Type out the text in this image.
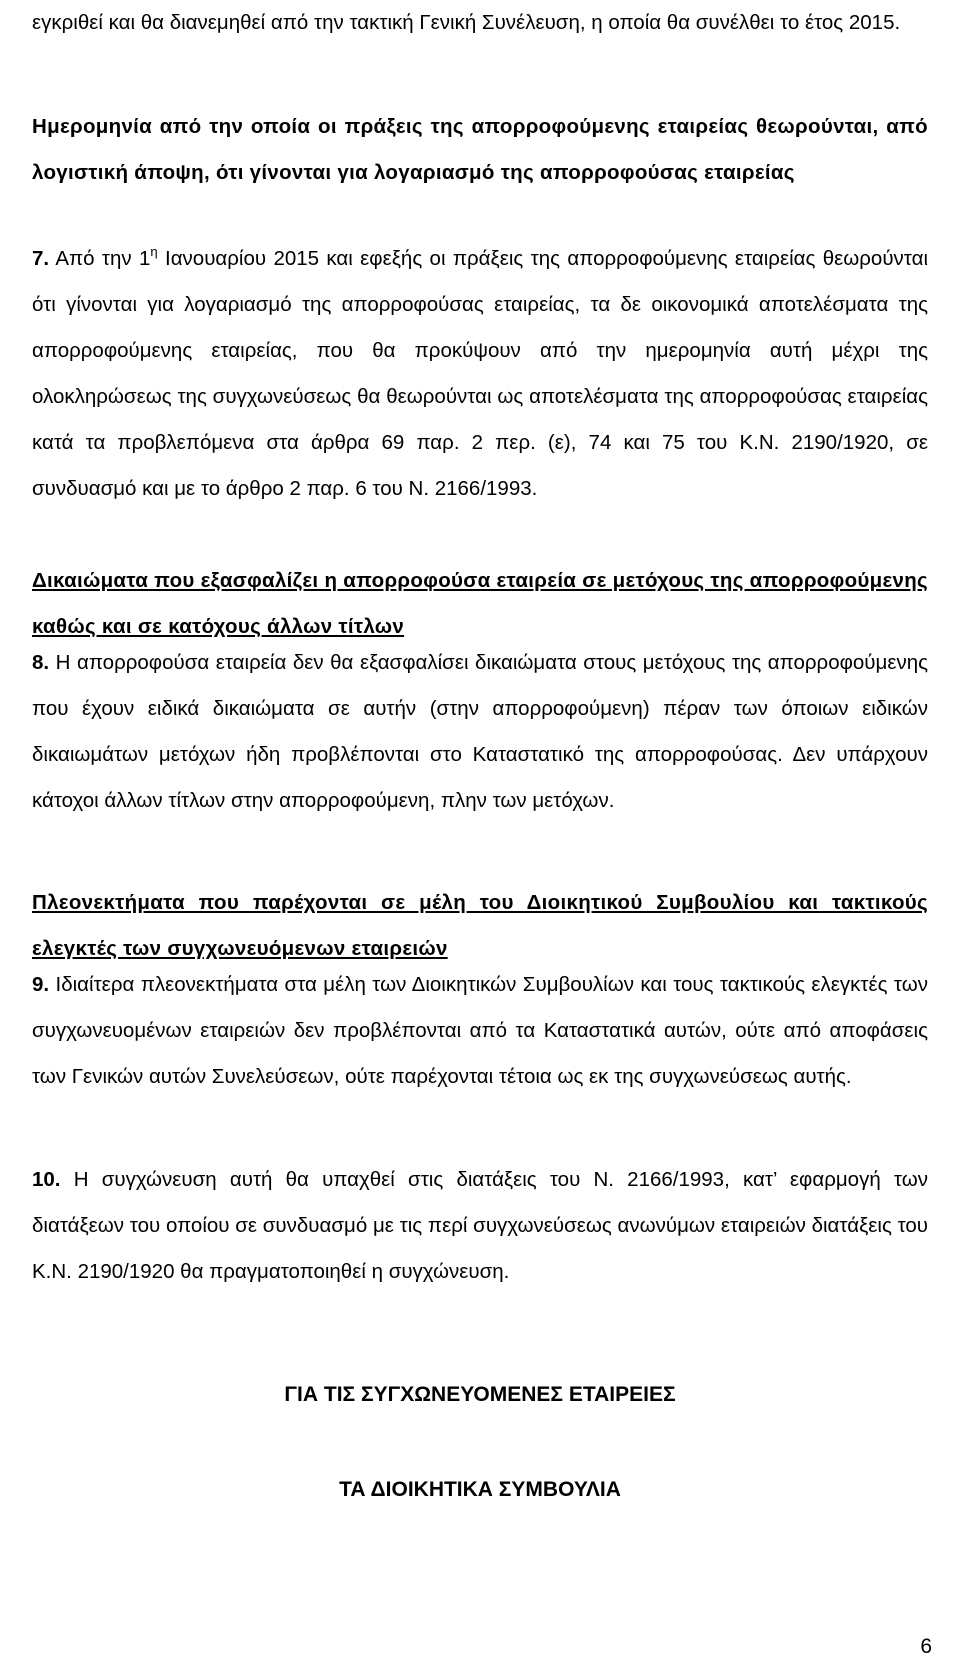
εγκριθεί και θα διανεμηθεί από την τακτική Γενική Συνέλευση, η οποία θα συνέλθει το έτος 2015.

Ημερομηνία από την οποία οι πράξεις της απορροφούμενης εταιρείας θεωρούνται, από λογιστική άποψη, ότι γίνονται για λογαριασμό της απορροφούσας εταιρείας

7. Από την $1^\eta$ Ιανουαρίου 2015 και εφεξής οι πράξεις της απορροφούμενης εταιρείας θεωρούνται ότι γίνονται για λογαριασμό της απορροφούσας εταιρείας, τα δε οικονομικά αποτελέσματα της απορροφούμενης εταιρείας, που θα προκύψουν από την ημερομηνία αυτή μέχρι της ολοκληρώσεως της συγχωνεύσεως θα θεωρούνται ως αποτελέσματα της απορροφούσας εταιρείας κατά τα προβλεπόμενα στα άρθρα 69 παρ. 2 περ. (ε), 74 και 75 του Κ.Ν. 2190/1920, σε συνδυασμό και με το άρθρο 2 παρ. 6 του Ν. 2166/1993.

Δικαιώματα που εξασφαλίζει η απορροφούσα εταιρεία σε μετόχους της απορροφούμενης καθώς και σε κατόχους άλλων τίτλων

8. Η απορροφούσα εταιρεία δεν θα εξασφαλίσει δικαιώματα στους μετόχους της απορροφούμενης που έχουν ειδικά δικαιώματα σε αυτήν (στην απορροφούμενη) πέραν των όποιων ειδικών δικαιωμάτων μετόχων ήδη προβλέπονται στο Καταστατικό της απορροφούσας. Δεν υπάρχουν κάτοχοι άλλων τίτλων στην απορροφούμενη, πλην των μετόχων.

Πλεονεκτήματα που παρέχονται σε μέλη του Διοικητικού Συμβουλίου και τακτικούς ελεγκτές των συγχωνευόμενων εταιρειών

9. Ιδιαίτερα πλεονεκτήματα στα μέλη των Διοικητικών Συμβουλίων και τους τακτικούς ελεγκτές των συγχωνευομένων εταιρειών δεν προβλέπονται από τα Καταστατικά αυτών, ούτε από αποφάσεις των Γενικών αυτών Συνελεύσεων, ούτε παρέχονται τέτοια ως εκ της συγχωνεύσεως αυτής.

10. Η συγχώνευση αυτή θα υπαχθεί στις διατάξεις του Ν. 2166/1993, κατ’ εφαρμογή των διατάξεων του οποίου σε συνδυασμό με τις περί συγχωνεύσεως ανωνύμων εταιρειών διατάξεις του Κ.Ν. 2190/1920 θα πραγματοποιηθεί η συγχώνευση.

ΓΙΑ ΤΙΣ ΣΥΓΧΩΝΕΥΟΜΕΝΕΣ ΕΤΑΙΡΕΙΕΣ

ΤΑ ΔΙΟΙΚΗΤΙΚΑ ΣΥΜΒΟΥΛΙΑ

6
